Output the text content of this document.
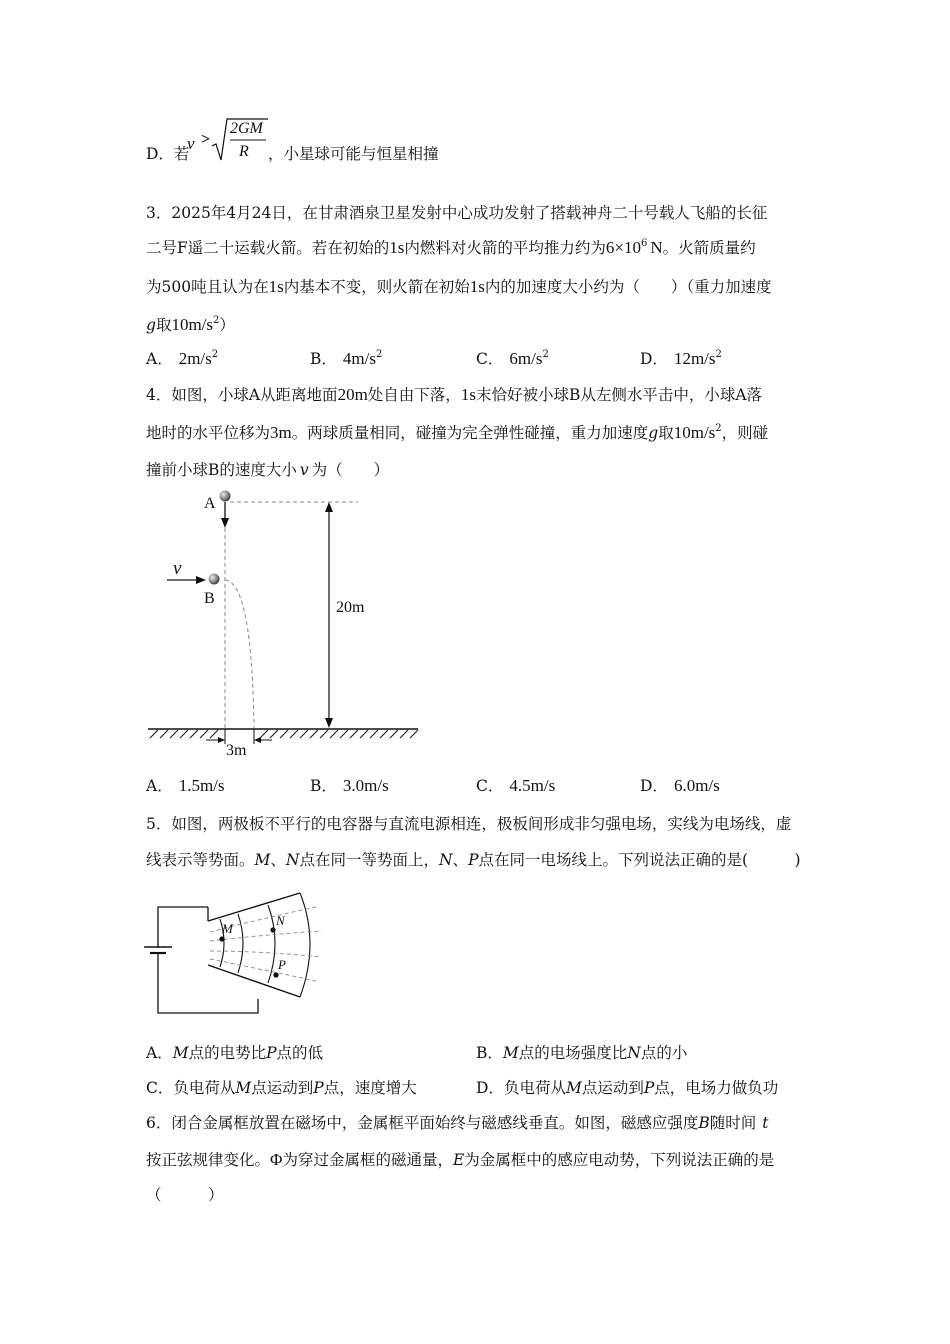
D．若
v >
2GM
R ，小星球可能与恒星相撞
3．2025年4月24日，在甘肃酒泉卫星发射中心成功发射了搭载神舟二十号载人飞船的长征
二号F遥二十运载火箭。若在初始的1s内燃料对火箭的平均推力约为$6\times 10^6$ N。火箭质量约
为500吨且认为在1s内基本不变，则火箭在初始1s内的加速度大小约为（　　）（重力加速度
g取$10m/s^2$）
A． $2m/s^2$	B． $4m/s^2$	C． $6m/s^2$	D． $12m/s^2$
4．如图，小球A从距离地面20m处自由下落，1s末恰好被小球B从左侧水平击中，小球A落
地时的水平位移为3m。两球质量相同，碰撞为完全弹性碰撞，重力加速度g取$10m/s^2$，则碰
撞前小球B的速度大小 v 为（　　）
A
v
B
20m
3m
A． 1.5m/s	B． 3.0m/s	C． 4.5m/s	D． 6.0m/s
5．如图，两极板不平行的电容器与直流电源相连，极板间形成非匀强电场，实线为电场线，虚
线表示等势面。M、N点在同一等势面上，N、P点在同一电场线上。下列说法正确的是(　　　)
M
N
P
A．M点的电势比P点的低	B．M点的电场强度比N点的小
C．负电荷从M点运动到P点，速度增大	D．负电荷从M点运动到P点，电场力做负功
6．闭合金属框放置在磁场中，金属框平面始终与磁感线垂直。如图，磁感应强度B随时间 t
按正弦规律变化。Φ为穿过金属框的磁通量，E为金属框中的感应电动势，下列说法正确的是
（　　　）
